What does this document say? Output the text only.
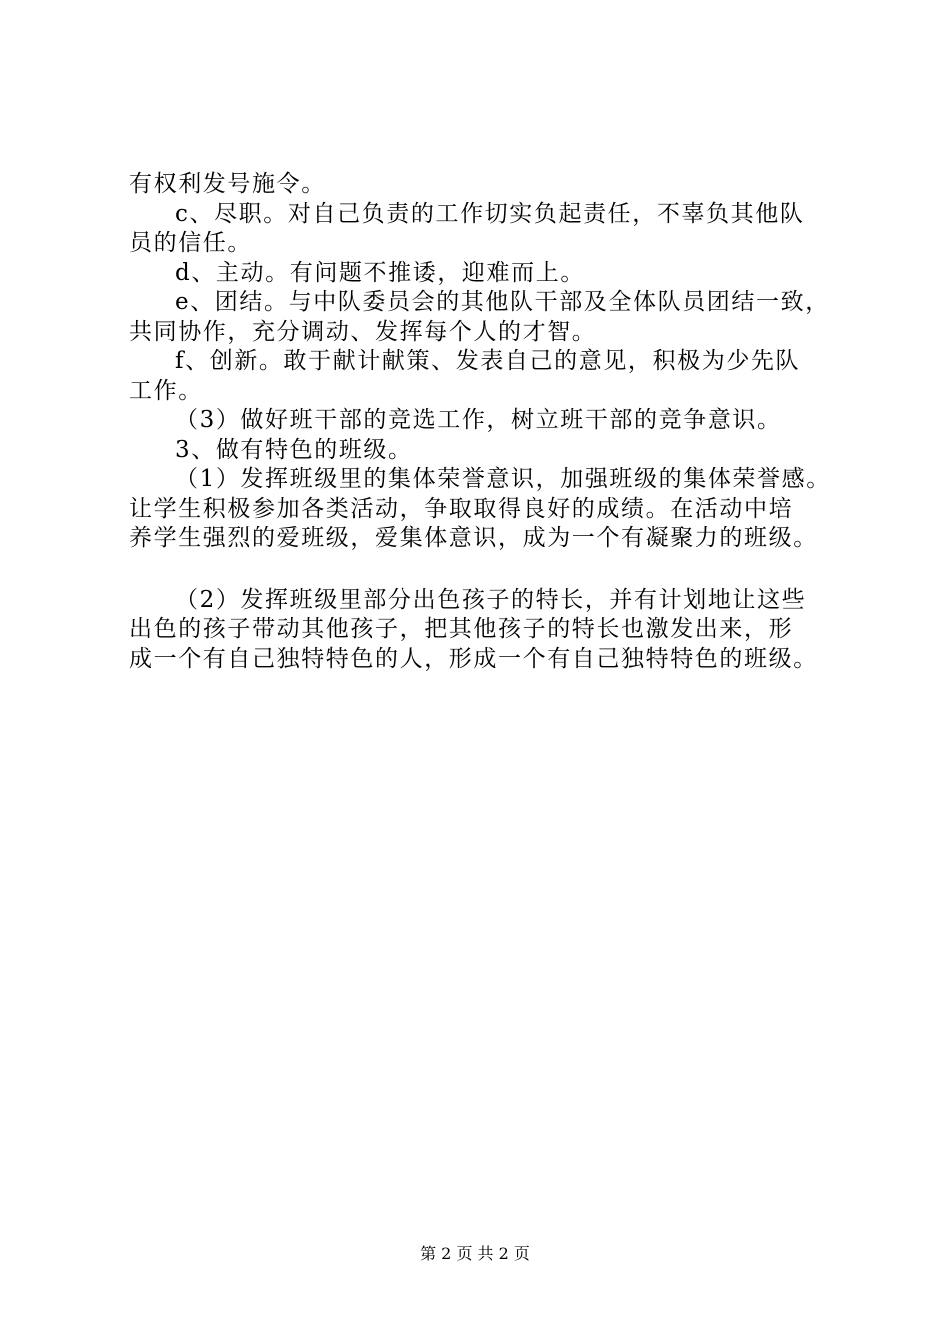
有权利发号施令。
c、尽职。对自己负责的工作切实负起责任，不辜负其他队
员的信任。
d、主动。有问题不推诿，迎难而上。
e、团结。与中队委员会的其他队干部及全体队员团结一致，
共同协作，充分调动、发挥每个人的才智。
f、创新。敢于献计献策、发表自己的意见，积极为少先队
工作。
（3）做好班干部的竞选工作，树立班干部的竞争意识。
3、做有特色的班级。
（1）发挥班级里的集体荣誉意识，加强班级的集体荣誉感。
让学生积极参加各类活动，争取取得良好的成绩。在活动中培
养学生强烈的爱班级，爱集体意识，成为一个有凝聚力的班级。
（2）发挥班级里部分出色孩子的特长，并有计划地让这些
出色的孩子带动其他孩子，把其他孩子的特长也激发出来，形
成一个有自己独特特色的人，形成一个有自己独特特色的班级。
第 2 页 共 2 页
